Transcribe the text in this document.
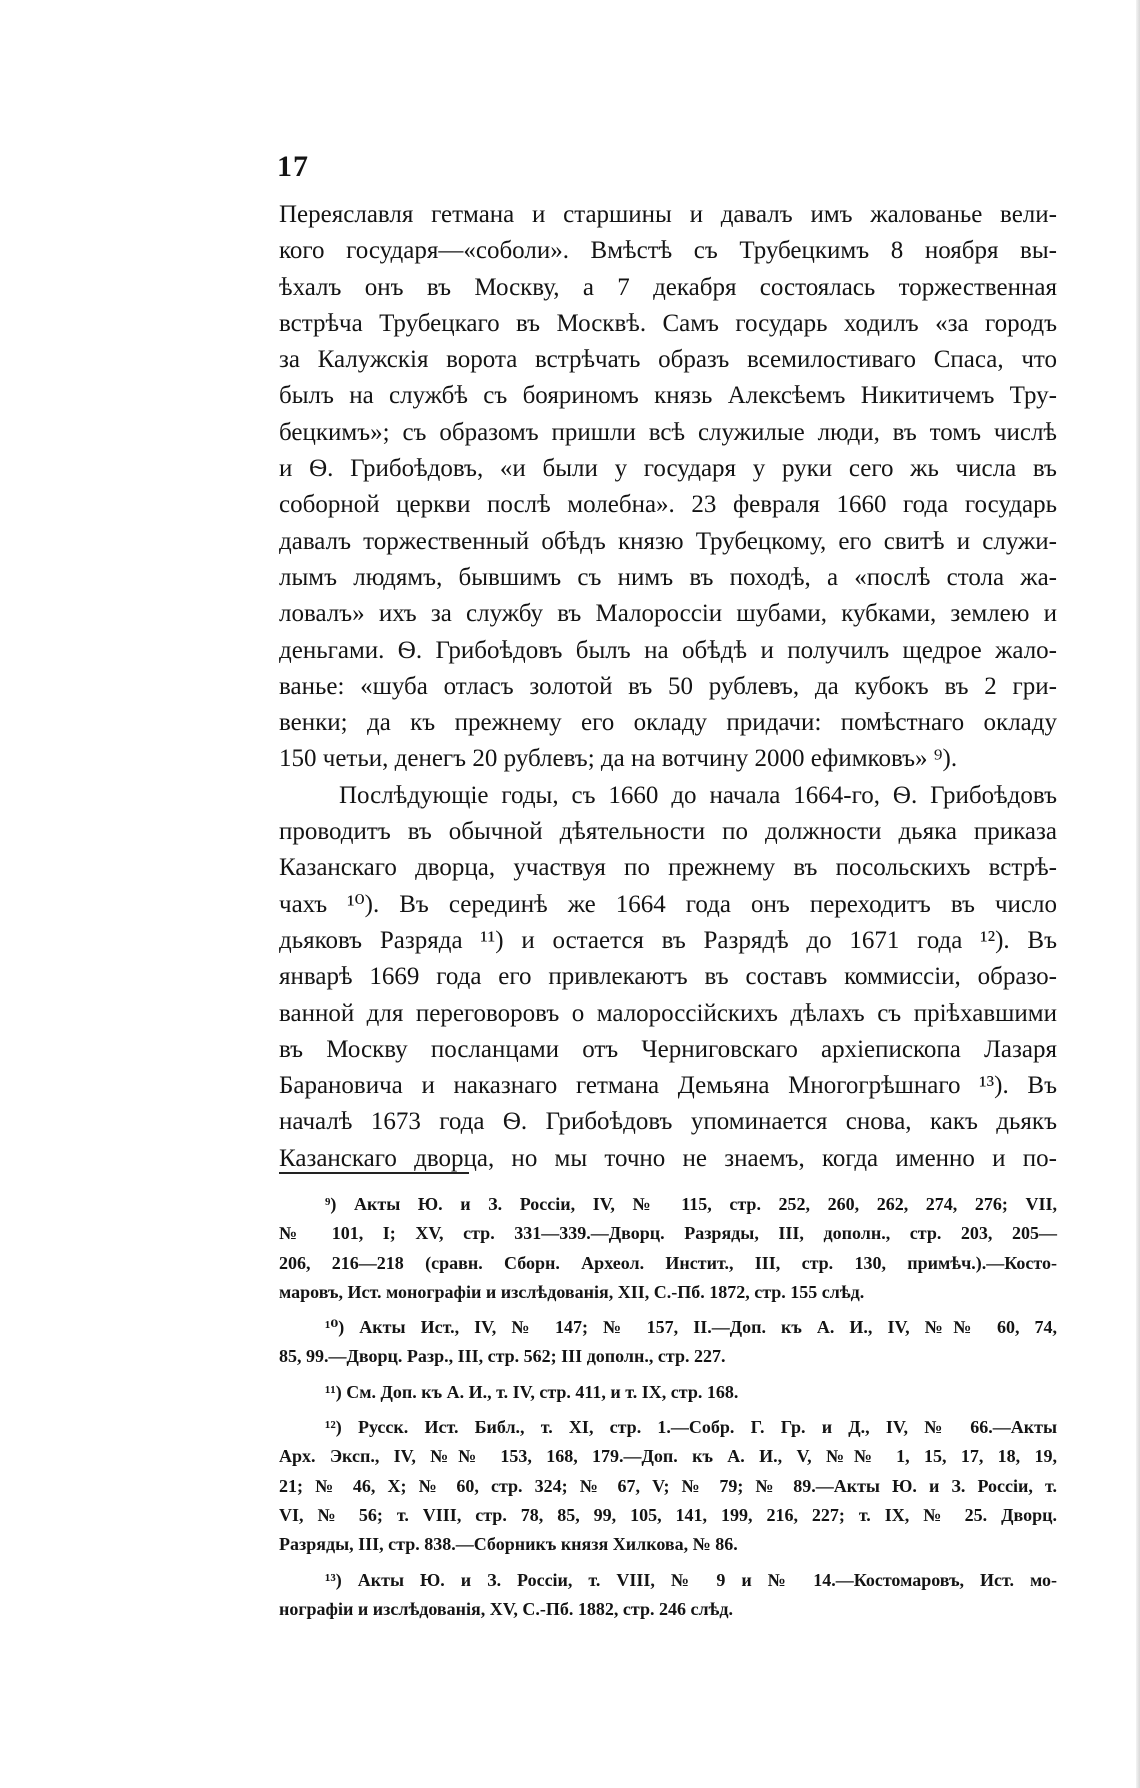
17
Переяславля гетмана и старшины и давалъ имъ жалованье вели-
кого государя—«соболи». Вмѣстѣ съ Трубецкимъ 8 ноября вы-
ѣхалъ онъ въ Москву, а 7 декабря состоялась торжественная
встрѣча Трубецкаго въ Москвѣ. Самъ государь ходилъ «за городъ
за Калужскія ворота встрѣчать образъ всемилостиваго Спаса, что
былъ на службѣ съ бояриномъ князь Алексѣемъ Никитичемъ Тру-
бецкимъ»; съ образомъ пришли всѣ служилые люди, въ томъ числѣ
и Ѳ. Грибоѣдовъ, «и были у государя у руки сего жь числа въ
соборной церкви послѣ молебна». 23 февраля 1660 года государь
давалъ торжественный обѣдъ князю Трубецкому, его свитѣ и служи-
лымъ людямъ, бывшимъ съ нимъ въ походѣ, а «послѣ стола жа-
ловалъ» ихъ за службу въ Малороссіи шубами, кубками, землею и
деньгами. Ѳ. Грибоѣдовъ былъ на обѣдѣ и получилъ щедрое жало-
ванье: «шуба отласъ золотой въ 50 рублевъ, да кубокъ въ 2 гри-
венки; да къ прежнему его окладу придачи: помѣстнаго окладу
150 четьи, денегъ 20 рублевъ; да на вотчину 2000 ефимковъ» ⁹).
Послѣдующіе годы, съ 1660 до начала 1664-го, Ѳ. Грибоѣдовъ
проводитъ въ обычной дѣятельности по должности дьяка приказа
Казанскаго дворца, участвуя по прежнему въ посольскихъ встрѣ-
чахъ ¹⁰). Въ серединѣ же 1664 года онъ переходитъ въ число
дьяковъ Разряда ¹¹) и остается въ Разрядѣ до 1671 года ¹²). Въ
январѣ 1669 года его привлекаютъ въ составъ коммиссіи, образо-
ванной для переговоровъ о малороссійскихъ дѣлахъ съ пріѣхавшими
въ Москву посланцами отъ Черниговскаго архіепископа Лазаря
Барановича и наказнаго гетмана Демьяна Многогрѣшнаго ¹³). Въ
началѣ 1673 года Ѳ. Грибоѣдовъ упоминается снова, какъ дьякъ
Казанскаго дворца, но мы точно не знаемъ, когда именно и по-
⁹) Акты Ю. и З. Россіи, IV, № 115, стр. 252, 260, 262, 274, 276; VII,
№ 101, I; XV, стр. 331—339.—Дворц. Разряды, III, дополн., стр. 203, 205—
206, 216—218 (сравн. Сборн. Археол. Инстит., III, стр. 130, примѣч.).—Косто-
маровъ, Ист. монографіи и изслѣдованія, XII, С.-Пб. 1872, стр. 155 слѣд.
¹⁰) Акты Ист., IV, № 147; № 157, II.—Доп. къ А. И., IV, №№ 60, 74,
85, 99.—Дворц. Разр., III, стр. 562; III дополн., стр. 227.
¹¹) См. Доп. къ А. И., т. IV, стр. 411, и т. IX, стр. 168.
¹²) Русск. Ист. Библ., т. XI, стр. 1.—Собр. Г. Гр. и Д., IV, № 66.—Акты
Арх. Эксп., IV, №№ 153, 168, 179.—Доп. къ А. И., V, №№ 1, 15, 17, 18, 19,
21; № 46, X; № 60, стр. 324; № 67, V; № 79; № 89.—Акты Ю. и З. Россіи, т.
VI, № 56; т. VIII, стр. 78, 85, 99, 105, 141, 199, 216, 227; т. IX, № 25. Дворц.
Разряды, III, стр. 838.—Сборникъ князя Хилкова, № 86.
¹³) Акты Ю. и З. Россіи, т. VIII, № 9 и № 14.—Костомаровъ, Ист. мо-
нографіи и изслѣдованія, XV, С.-Пб. 1882, стр. 246 слѣд.
